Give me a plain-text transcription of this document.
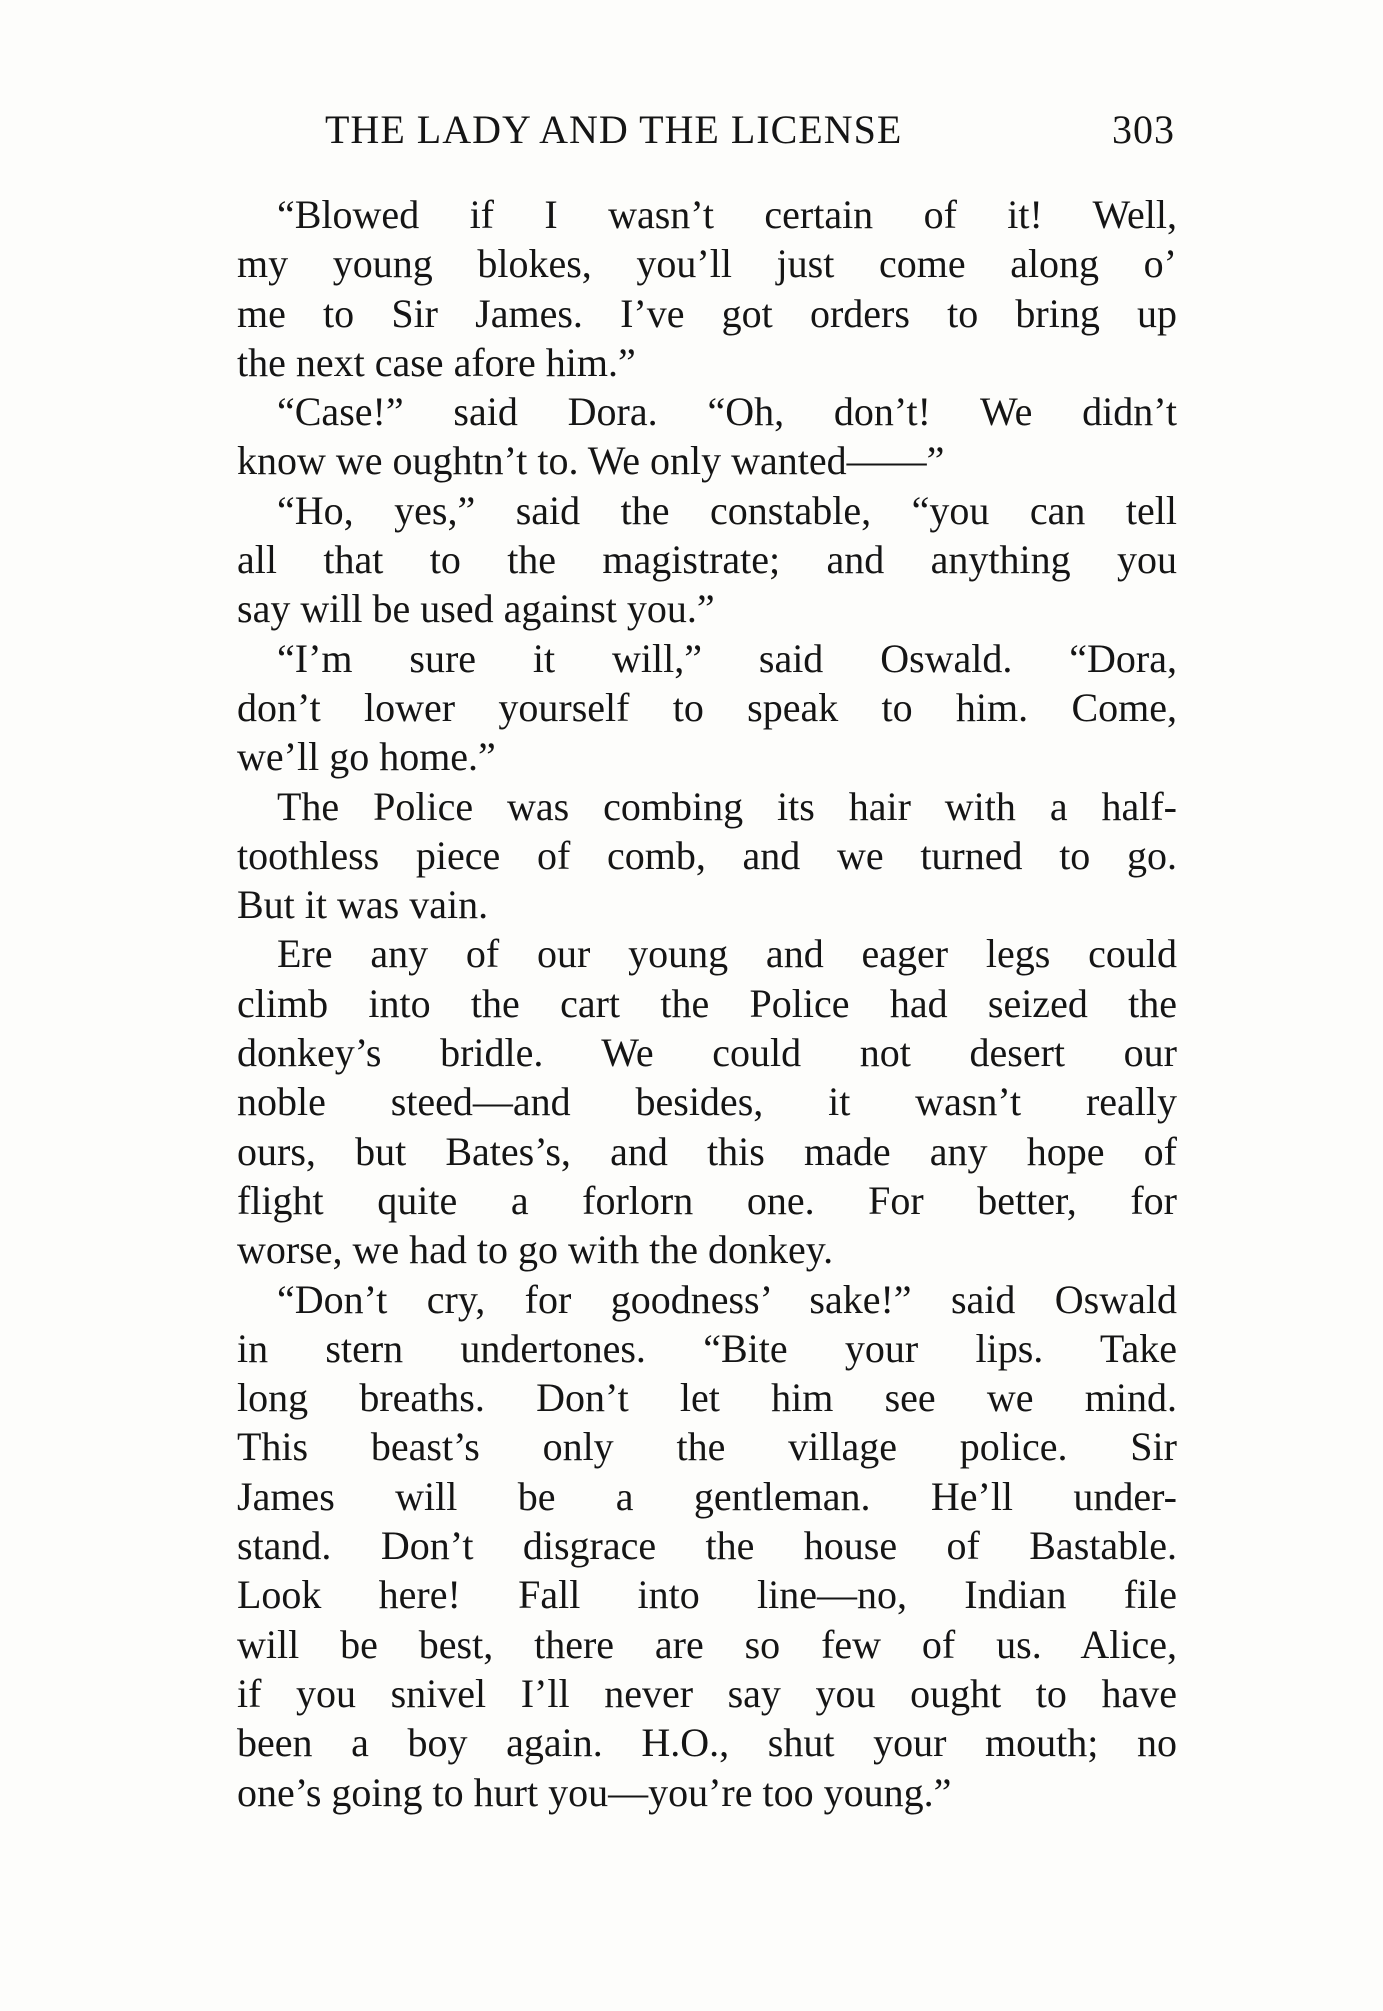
THE LADY AND THE LICENSE	303
“Blowed if I wasn’t certain of it! Well,
my young blokes, you’ll just come along o’
me to Sir James. I’ve got orders to bring up
the next case afore him.”
“Case!” said Dora. “Oh, don’t! We didn’t
know we oughtn’t to. We only wanted——”
“Ho, yes,” said the constable, “you can tell
all that to the magistrate; and anything you
say will be used against you.”
“I’m sure it will,” said Oswald. “Dora,
don’t lower yourself to speak to him. Come,
we’ll go home.”
The Police was combing its hair with a half-
toothless piece of comb, and we turned to go.
But it was vain.
Ere any of our young and eager legs could
climb into the cart the Police had seized the
donkey’s bridle. We could not desert our
noble steed—and besides, it wasn’t really
ours, but Bates’s, and this made any hope of
flight quite a forlorn one. For better, for
worse, we had to go with the donkey.
“Don’t cry, for goodness’ sake!” said Oswald
in stern undertones. “Bite your lips. Take
long breaths. Don’t let him see we mind.
This beast’s only the village police. Sir
James will be a gentleman. He’ll under-
stand. Don’t disgrace the house of Bastable.
Look here! Fall into line—no, Indian file
will be best, there are so few of us. Alice,
if you snivel I’ll never say you ought to have
been a boy again. H.O., shut your mouth; no
one’s going to hurt you—you’re too young.”
